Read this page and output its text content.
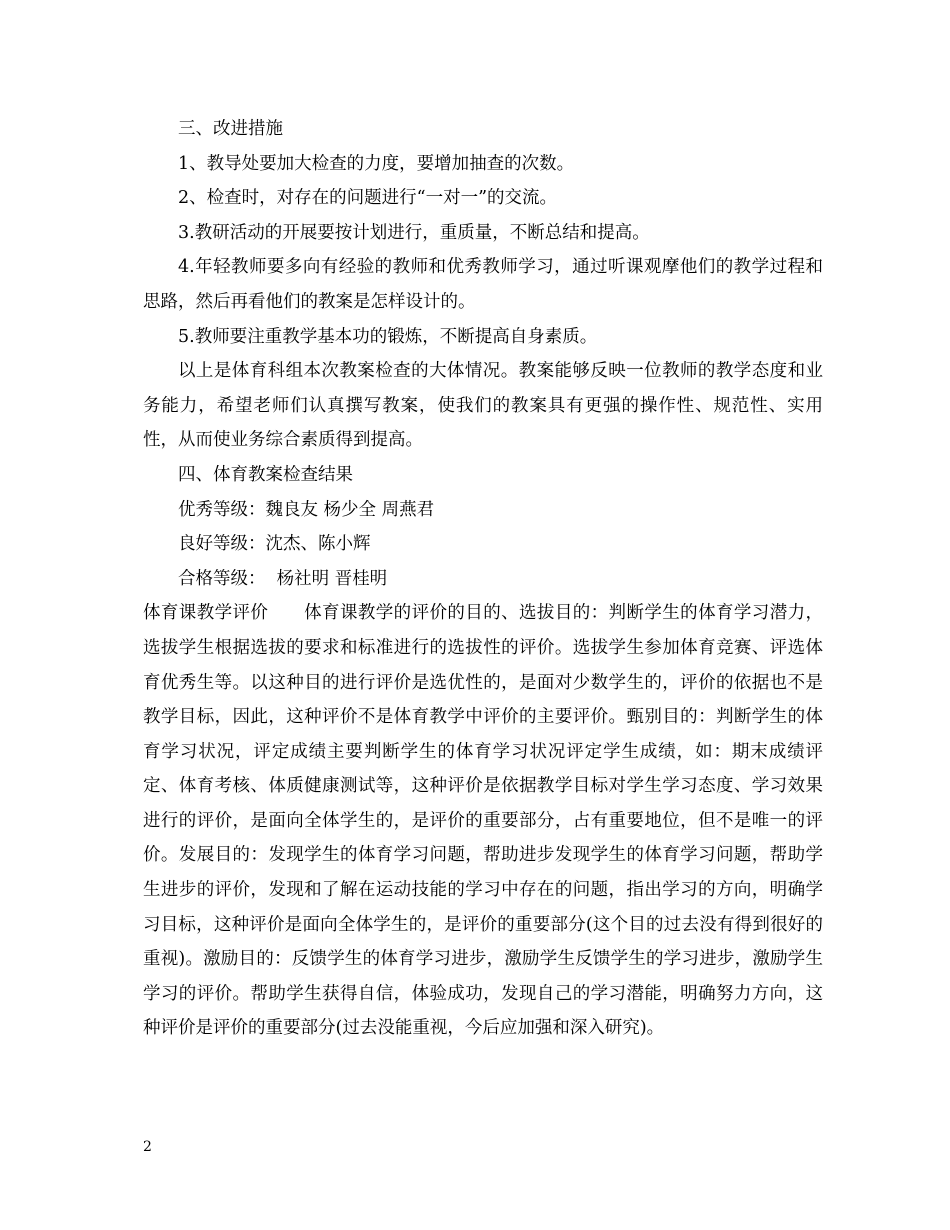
三、改进措施

1、教导处要加大检查的力度，要增加抽查的次数。

2、检查时，对存在的问题进行“一对一”的交流。

3.教研活动的开展要按计划进行，重质量，不断总结和提高。

4.年轻教师要多向有经验的教师和优秀教师学习，通过听课观摩他们的教学过程和思路，然后再看他们的教案是怎样设计的。

5.教师要注重教学基本功的锻炼，不断提高自身素质。

以上是体育科组本次教案检查的大体情况。教案能够反映一位教师的教学态度和业务能力，希望老师们认真撰写教案，使我们的教案具有更强的操作性、规范性、实用性，从而使业务综合素质得到提高。

四、体育教案检查结果

优秀等级：魏良友 杨少全 周燕君

良好等级：沈杰、陈小辉

合格等级：  杨社明 晋桂明

体育课教学评价      体育课教学的评价的目的、选拔目的：判断学生的体育学习潜力，选拔学生根据选拔的要求和标准进行的选拔性的评价。选拔学生参加体育竞赛、评选体育优秀生等。以这种目的进行评价是选优性的，是面对少数学生的，评价的依据也不是教学目标，因此，这种评价不是体育教学中评价的主要评价。甄别目的：判断学生的体育学习状况，评定成绩主要判断学生的体育学习状况评定学生成绩，如：期末成绩评定、体育考核、体质健康测试等，这种评价是依据教学目标对学生学习态度、学习效果进行的评价，是面向全体学生的，是评价的重要部分，占有重要地位，但不是唯一的评价。发展目的：发现学生的体育学习问题，帮助进步发现学生的体育学习问题，帮助学生进步的评价，发现和了解在运动技能的学习中存在的问题，指出学习的方向，明确学习目标，这种评价是面向全体学生的，是评价的重要部分(这个目的过去没有得到很好的重视)。激励目的：反馈学生的体育学习进步，激励学生反馈学生的学习进步，激励学生学习的评价。帮助学生获得自信，体验成功，发现自己的学习潜能，明确努力方向，这种评价是评价的重要部分(过去没能重视，今后应加强和深入研究)。

2
